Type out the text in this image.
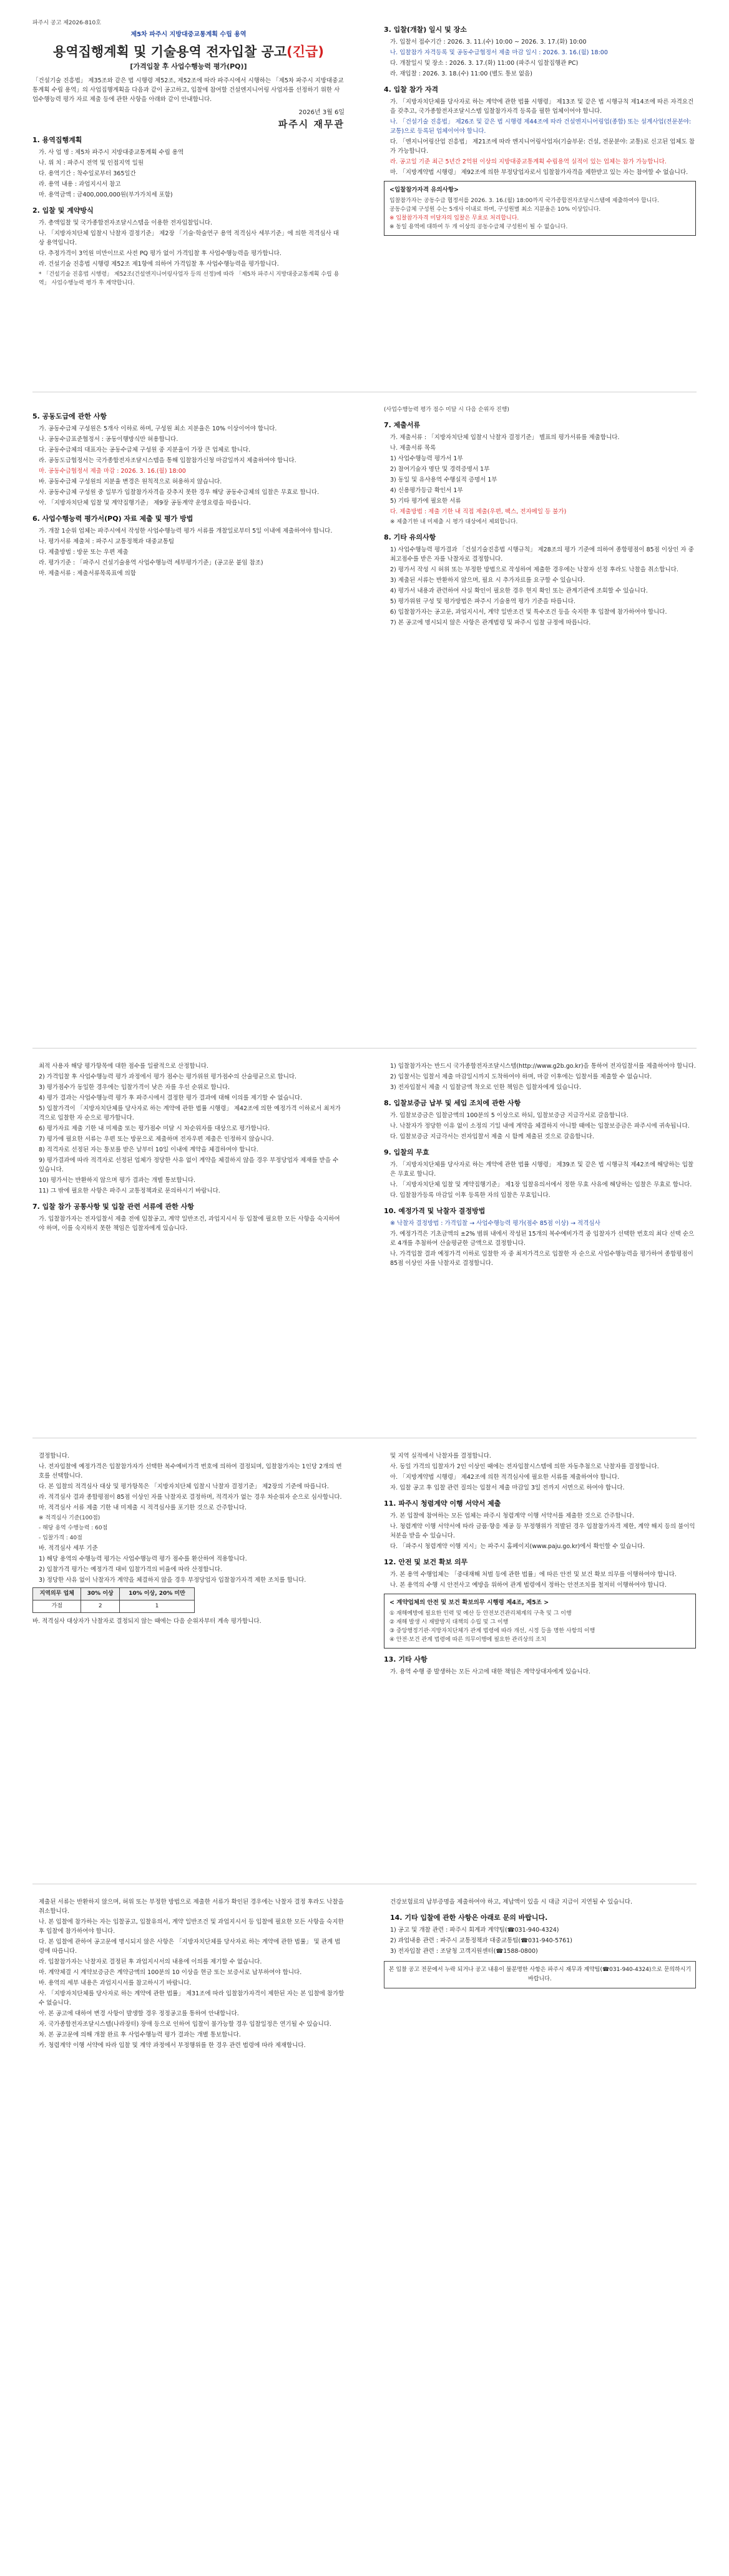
파주시 공고 제2026-810호
제5차 파주시 지방대중교통계획 수립 용역
용역집행계획 및 기술용역 전자입찰 공고(긴급)
[가격입찰 후 사업수행능력 평가(PQ)]

「건설기술 진흥법」 제35조와 같은 법 시행령 제52조, 제52조에 따라 파주시에서 시행하는 「제5차 파주시 지방대중교통계획 수립 용역」의 사업집행계획을 다음과 같이 공고하고, 입찰에 참여할 건설엔지니어링 사업자를 선정하기 위한 사업수행능력 평가 자료 제출 등에 관한 사항을 아래와 같이 안내합니다.

2026년 3월 6일
파주시 재무관
1. 용역집행계획
가. 사 업 명 : 제5차 파주시 지방대중교통계획 수립 용역
나. 위 치 : 파주시 전역 및 인접지역 일원
다. 용역기간 : 착수일로부터 365일간
라. 용역 내용 : 과업지시서 참고
마. 용역금액 : 금400,000,000원(부가가치세 포함)
2. 입찰 및 계약방식
가. 총액입찰 및 국가종합전자조달시스템을 이용한 전자입찰입니다.
나. 「지방자치단체 입찰시 낙찰자 결정기준」 제2장 「기술·학술연구 용역 적격심사 세부기준」에 의한 적격심사 대상 용역입니다.
다. 추정가격이 3억원 미만이므로 사전 PQ 평가 없이 가격입찰 후 사업수행능력을 평가합니다.
라. 건설기술 진흥법 시행령 제52조 제1항에 의하여 가격입찰 후 사업수행능력을 평가합니다.
* 「건설기술 진흥법 시행령」 제52조(건설엔지니어링사업자 등의 선정)에 따라 「제5차 파주시 지방대중교통계획 수립 용역」 사업수행능력 평가 후 계약합니다.
3. 입찰(개찰) 일시 및 장소
가. 입찰서 접수기간 : 2026. 3. 11.(수) 10:00 ~ 2026. 3. 17.(화) 10:00
나. 입찰참가 자격등록 및 공동수급협정서 제출 마감 일시 : 2026. 3. 16.(월) 18:00
다. 개찰일시 및 장소 : 2026. 3. 17.(화) 11:00 (파주시 입찰집행관 PC)
라. 재입찰 : 2026. 3. 18.(수) 11:00 (별도 통보 없음)
4. 입찰 참가 자격
가. 「지방자치단체를 당사자로 하는 계약에 관한 법률 시행령」 제13조 및 같은 법 시행규칙 제14조에 따른 자격요건을 갖추고, 국가종합전자조달시스템 입찰참가자격 등록을 필한 업체이어야 합니다.
나. 「건설기술 진흥법」 제26조 및 같은 법 시행령 제44조에 따라 건설엔지니어링업(종합) 또는 설계사업(전문분야: 교통)으로 등록된 업체이어야 합니다.
다. 「엔지니어링산업 진흥법」 제21조에 따라 엔지니어링사업자(기술부문: 건설, 전문분야: 교통)로 신고된 업체도 참가 가능합니다.
라. 공고일 기준 최근 5년간 2억원 이상의 지방대중교통계획 수립용역 실적이 있는 업체는 참가 가능합니다.
마. 「지방계약법 시행령」 제92조에 의한 부정당업자로서 입찰참가자격을 제한받고 있는 자는 참여할 수 없습니다.
<입찰참가자격 유의사항>
입찰참가자는 공동수급 협정서를 2026. 3. 16.(월) 18:00까지 국가종합전자조달시스템에 제출하여야 합니다.
공동수급체 구성원 수는 5개사 이내로 하며, 구성원별 최소 지분율은 10% 이상입니다.
※ 입찰참가자격 미달자의 입찰은 무효로 처리합니다.
※ 동일 용역에 대하여 두 개 이상의 공동수급체 구성원이 될 수 없습니다.
5. 공동도급에 관한 사항
가. 공동수급체 구성원은 5개사 이하로 하며, 구성원 최소 지분율은 10% 이상이어야 합니다.
나. 공동수급표준협정서 : 공동이행방식만 허용합니다.
다. 공동수급체의 대표자는 공동수급체 구성원 중 지분율이 가장 큰 업체로 합니다.
라. 공동도급협정서는 국가종합전자조달시스템을 통해 입찰참가신청 마감일까지 제출하여야 합니다.
마. 공동수급협정서 제출 마감 : 2026. 3. 16.(월) 18:00
바. 공동수급체 구성원의 지분율 변경은 원칙적으로 허용하지 않습니다.
사. 공동수급체 구성원 중 일부가 입찰참가자격을 갖추지 못한 경우 해당 공동수급체의 입찰은 무효로 합니다.
아. 「지방자치단체 입찰 및 계약집행기준」 제9장 공동계약 운영요령을 따릅니다.
6. 사업수행능력 평가서(PQ) 자료 제출 및 평가 방법
가. 개찰 1순위 업체는 파주시에서 작성한 사업수행능력 평가 서류를 개찰일로부터 5일 이내에 제출하여야 합니다.
나. 평가서류 제출처 : 파주시 교통정책과 대중교통팀
다. 제출방법 : 방문 또는 우편 제출
라. 평가기준 : 「파주시 건설기술용역 사업수행능력 세부평가기준」(공고문 붙임 참조)
마. 제출서류 : 제출서류목록표에 의함
(사업수행능력 평가 점수 미달 시 다음 순위자 진행)
7. 제출서류
가. 제출서류 : 「지방자치단체 입찰시 낙찰자 결정기준」 별표의 평가서류를 제출합니다.
나. 제출서류 목록
1) 사업수행능력 평가서 1부
2) 참여기술자 명단 및 경력증명서 1부
3) 동일 및 유사용역 수행실적 증명서 1부
4) 신용평가등급 확인서 1부
5) 기타 평가에 필요한 서류
다. 제출방법 : 제출 기한 내 직접 제출(우편, 팩스, 전자메일 등 불가)
※ 제출기한 내 미제출 시 평가 대상에서 제외합니다.
8. 기타 유의사항
1) 사업수행능력 평가결과 「건설기술진흥법 시행규칙」 제28조의 평가 기준에 의하여 종합평점이 85점 이상인 자 중 최고점수를 받은 자를 낙찰자로 결정합니다.
2) 평가서 작성 시 허위 또는 부정한 방법으로 작성하여 제출한 경우에는 낙찰자 선정 후라도 낙찰을 취소합니다.
3) 제출된 서류는 반환하지 않으며, 필요 시 추가자료를 요구할 수 있습니다.
4) 평가서 내용과 관련하여 사실 확인이 필요한 경우 현지 확인 또는 관계기관에 조회할 수 있습니다.
5) 평가위원 구성 및 평가방법은 파주시 기술용역 평가 기준을 따릅니다.
6) 입찰참가자는 공고문, 과업지시서, 계약 일반조건 및 특수조건 등을 숙지한 후 입찰에 참가하여야 합니다.
7) 본 공고에 명시되지 않은 사항은 관계법령 및 파주시 입찰 규정에 따릅니다.
최적 사용자 해당 평가항목에 대한 점수를 일괄적으로 산정합니다.
2) 가격입찰 후 사업수행능력 평가 과정에서 평가 점수는 평가위원 평가점수의 산술평균으로 합니다.
3) 평가점수가 동일한 경우에는 입찰가격이 낮은 자를 우선 순위로 합니다.
4) 평가 결과는 사업수행능력 평가 후 파주시에서 결정한 평가 결과에 대해 이의를 제기할 수 없습니다.
5) 입찰가격이 「지방자치단체를 당사자로 하는 계약에 관한 법률 시행령」 제42조에 의한 예정가격 이하로서 최저가격으로 입찰한 자 순으로 평가합니다.
6) 평가자료 제출 기한 내 미제출 또는 평가점수 미달 시 차순위자를 대상으로 평가합니다.
7) 평가에 필요한 서류는 우편 또는 방문으로 제출하며 전자우편 제출은 인정하지 않습니다.
8) 적격자로 선정된 자는 통보를 받은 날부터 10일 이내에 계약을 체결하여야 합니다.
9) 평가결과에 따라 적격자로 선정된 업체가 정당한 사유 없이 계약을 체결하지 않을 경우 부정당업자 제재를 받을 수 있습니다.
10) 평가서는 반환하지 않으며 평가 결과는 개별 통보합니다.
11) 그 밖에 필요한 사항은 파주시 교통정책과로 문의하시기 바랍니다.
7. 입찰 참가 공통사항 및 입찰 관련 서류에 관한 사항
가. 입찰참가자는 전자입찰서 제출 전에 입찰공고, 계약 일반조건, 과업지시서 등 입찰에 필요한 모든 사항을 숙지하여야 하며, 이를 숙지하지 못한 책임은 입찰자에게 있습니다.
1) 입찰참가자는 반드시 국가종합전자조달시스템(http://www.g2b.go.kr)을 통하여 전자입찰서를 제출하여야 합니다.
2) 입찰서는 입찰서 제출 마감일시까지 도착하여야 하며, 마감 이후에는 입찰서를 제출할 수 없습니다.
3) 전자입찰서 제출 시 입찰금액 착오로 인한 책임은 입찰자에게 있습니다.
8. 입찰보증금 납부 및 세입 조치에 관한 사항
가. 입찰보증금은 입찰금액의 100분의 5 이상으로 하되, 입찰보증금 지급각서로 갈음합니다.
나. 낙찰자가 정당한 이유 없이 소정의 기일 내에 계약을 체결하지 아니할 때에는 입찰보증금은 파주시에 귀속됩니다.
다. 입찰보증금 지급각서는 전자입찰서 제출 시 함께 제출된 것으로 갈음합니다.
9. 입찰의 무효
가. 「지방자치단체를 당사자로 하는 계약에 관한 법률 시행령」 제39조 및 같은 법 시행규칙 제42조에 해당하는 입찰은 무효로 합니다.
나. 「지방자치단체 입찰 및 계약집행기준」 제1장 입찰유의서에서 정한 무효 사유에 해당하는 입찰은 무효로 합니다.
다. 입찰참가등록 마감일 이후 등록한 자의 입찰은 무효입니다.
10. 예정가격 및 낙찰자 결정방법
※ 낙찰자 결정방법 : 가격입찰 → 사업수행능력 평가(점수 85점 이상) → 적격심사
가. 예정가격은 기초금액의 ±2% 범위 내에서 작성된 15개의 복수예비가격 중 입찰자가 선택한 번호의 최다 선택 순으로 4개를 추첨하여 산술평균한 금액으로 결정합니다.
나. 가격입찰 결과 예정가격 이하로 입찰한 자 중 최저가격으로 입찰한 자 순으로 사업수행능력을 평가하여 종합평점이 85점 이상인 자를 낙찰자로 결정합니다.
결정합니다.
나. 전자입찰에 예정가격은 입찰참가자가 선택한 복수예비가격 번호에 의하여 결정되며, 입찰참가자는 1인당 2개의 번호를 선택합니다.
다. 본 입찰의 적격심사 대상 및 평가항목은 「지방자치단체 입찰시 낙찰자 결정기준」 제2장의 기준에 따릅니다.
라. 적격심사 결과 종합평점이 85점 이상인 자를 낙찰자로 결정하며, 적격자가 없는 경우 차순위자 순으로 심사합니다.
마. 적격심사 서류 제출 기한 내 미제출 시 적격심사를 포기한 것으로 간주합니다.
※ 적격심사 기준(100점)
- 해당 용역 수행능력 : 60점
- 입찰가격 : 40점
바. 적격심사 세부 기준
1) 해당 용역의 수행능력 평가는 사업수행능력 평가 점수를 환산하여 적용합니다.
2) 입찰가격 평가는 예정가격 대비 입찰가격의 비율에 따라 산정합니다.
3) 정당한 사유 없이 낙찰자가 계약을 체결하지 않을 경우 부정당업자 입찰참가자격 제한 조치를 합니다.
지역의무 업체	30% 이상	10% 이상, 20% 미만
가점	2	1
바. 적격심사 대상자가 낙찰자로 결정되지 않는 때에는 다음 순위자부터 계속 평가합니다.
및 지역 실적에서 낙찰자를 결정합니다.
사. 동일 가격의 입찰자가 2인 이상인 때에는 전자입찰시스템에 의한 자동추첨으로 낙찰자를 결정합니다.
아. 「지방계약법 시행령」 제42조에 의한 적격심사에 필요한 서류를 제출하여야 합니다.
자. 입찰 공고 후 입찰 관련 질의는 입찰서 제출 마감일 3일 전까지 서면으로 하여야 합니다.
11. 파주시 청렴계약 이행 서약서 제출
가. 본 입찰에 참여하는 모든 업체는 파주시 청렴계약 이행 서약서를 제출한 것으로 간주합니다.
나. 청렴계약 이행 서약서에 따라 금품·향응 제공 등 부정행위가 적발된 경우 입찰참가자격 제한, 계약 해지 등의 불이익 처분을 받을 수 있습니다.
다. 「파주시 청렴계약 이행 지시」는 파주시 홈페이지(www.paju.go.kr)에서 확인할 수 있습니다.
12. 안전 및 보건 확보 의무
가. 본 용역 수행업체는 「중대재해 처벌 등에 관한 법률」에 따른 안전 및 보건 확보 의무를 이행하여야 합니다.
나. 본 용역의 수행 시 안전사고 예방을 위하여 관계 법령에서 정하는 안전조치를 철저히 이행하여야 합니다.
< 계약업체의 안전 및 보건 확보의무 시행령 제4조, 제5조 >
① 재해예방에 필요한 인력 및 예산 등 안전보건관리체계의 구축 및 그 이행
② 재해 발생 시 재발방지 대책의 수립 및 그 이행
③ 중앙행정기관·지방자치단체가 관계 법령에 따라 개선, 시정 등을 명한 사항의 이행
④ 안전·보건 관계 법령에 따른 의무이행에 필요한 관리상의 조치
13. 기타 사항
가. 용역 수행 중 발생하는 모든 사고에 대한 책임은 계약상대자에게 있습니다.
제출된 서류는 반환하지 않으며, 허위 또는 부정한 방법으로 제출한 서류가 확인된 경우에는 낙찰자 결정 후라도 낙찰을 취소합니다.
나. 본 입찰에 참가하는 자는 입찰공고, 입찰유의서, 계약 일반조건 및 과업지시서 등 입찰에 필요한 모든 사항을 숙지한 후 입찰에 참가하여야 합니다.
다. 본 입찰에 관하여 공고문에 명시되지 않은 사항은 「지방자치단체를 당사자로 하는 계약에 관한 법률」 및 관계 법령에 따릅니다.
라. 입찰참가자는 낙찰자로 결정된 후 과업지시서의 내용에 이의를 제기할 수 없습니다.
마. 계약체결 시 계약보증금은 계약금액의 100분의 10 이상을 현금 또는 보증서로 납부하여야 합니다.
바. 용역의 세부 내용은 과업지시서를 참고하시기 바랍니다.
사. 「지방자치단체를 당사자로 하는 계약에 관한 법률」 제31조에 따라 입찰참가자격이 제한된 자는 본 입찰에 참가할 수 없습니다.
아. 본 공고에 대하여 변경 사항이 발생할 경우 정정공고를 통하여 안내합니다.
자. 국가종합전자조달시스템(나라장터) 장애 등으로 인하여 입찰이 불가능할 경우 입찰일정은 연기될 수 있습니다.
차. 본 공고문에 의해 개찰 완료 후 사업수행능력 평가 결과는 개별 통보합니다.
카. 청렴계약 이행 서약에 따라 입찰 및 계약 과정에서 부정행위를 한 경우 관련 법령에 따라 제재합니다.
건강보험료의 납부증명을 제출하여야 하고, 제납액이 있을 시 대금 지급이 지연될 수 있습니다.
14. 기타 입찰에 관한 사항은 아래로 문의 바랍니다.
1) 공고 및 개찰 관련 : 파주시 회계과 계약팀(☎031-940-4324)
2) 과업내용 관련 : 파주시 교통정책과 대중교통팀(☎031-940-5761)
3) 전자입찰 관련 : 조달청 고객지원센터(☎1588-0800)
본 입찰 공고 전문에서 누락 되거나 공고 내용이 불분명한 사항은 파주시 재무과 계약팀(☎031-940-4324)으로 문의하시기 바랍니다.
